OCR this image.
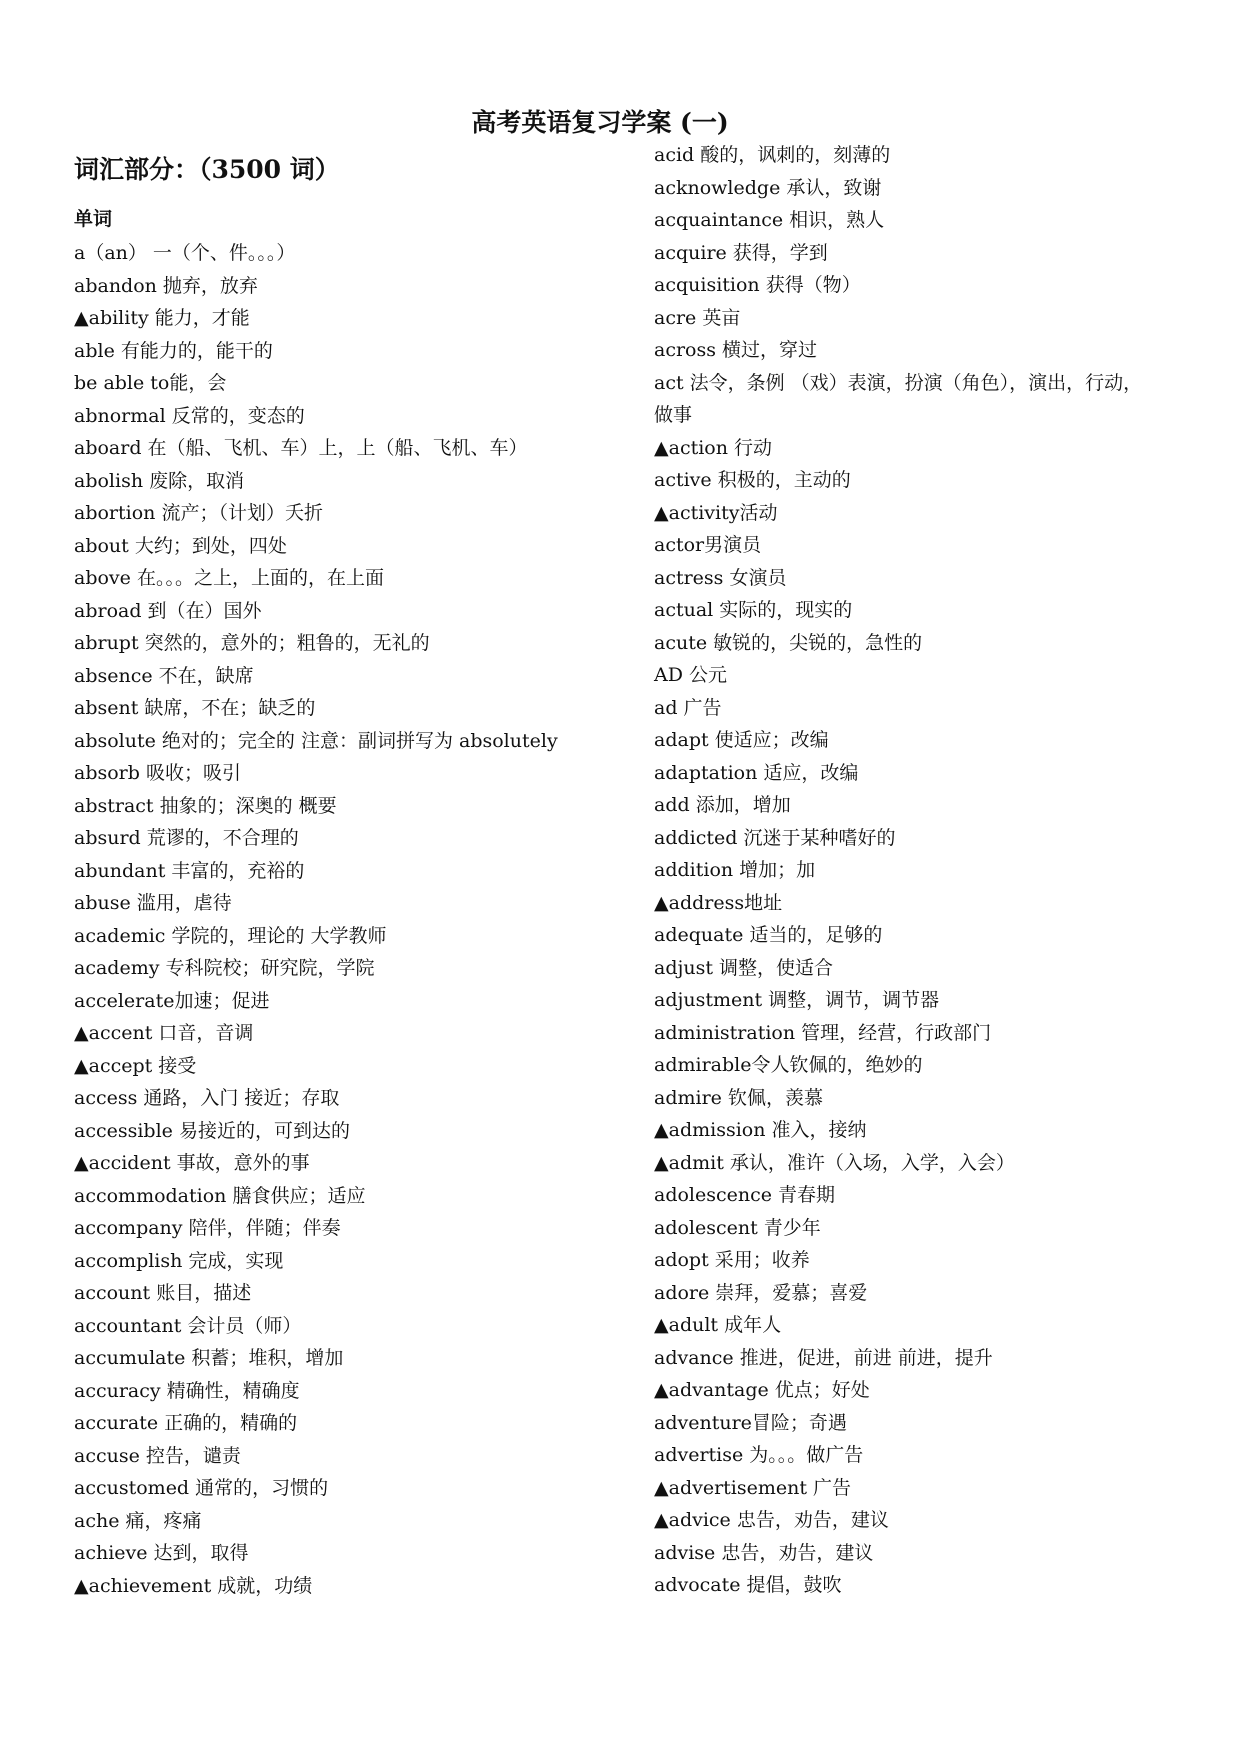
高考英语复习学案 (一)
词汇部分：（3500 词）
单词
a（an） 一（个、件。。。）
abandon 抛弃，放弃
▲ability 能力，才能
able 有能力的，能干的
be able to能，会
abnormal 反常的，变态的
aboard 在（船、飞机、车）上，上（船、飞机、车）
abolish 废除，取消
abortion 流产；（计划）夭折
about 大约；到处，四处
above 在。。。之上，上面的，在上面
abroad 到（在）国外
abrupt 突然的，意外的；粗鲁的，无礼的
absence 不在，缺席
absent 缺席，不在；缺乏的
absolute 绝对的；完全的 注意：副词拼写为 absolutely
absorb 吸收；吸引
abstract 抽象的；深奥的 概要
absurd 荒谬的，不合理的
abundant 丰富的，充裕的
abuse 滥用，虐待
academic 学院的，理论的 大学教师
academy 专科院校；研究院，学院
accelerate加速；促进
▲accent 口音，音调
▲accept 接受
access 通路，入门 接近；存取
accessible 易接近的，可到达的
▲accident 事故，意外的事
accommodation 膳食供应；适应
accompany 陪伴，伴随；伴奏
accomplish 完成，实现
account 账目，描述
accountant 会计员（师）
accumulate 积蓄；堆积，增加
accuracy 精确性，精确度
accurate 正确的，精确的
accuse 控告，谴责
accustomed 通常的，习惯的
ache 痛，疼痛
achieve 达到，取得
▲achievement 成就，功绩
acid 酸的，讽刺的，刻薄的
acknowledge 承认，致谢
acquaintance 相识，熟人
acquire 获得，学到
acquisition 获得（物）
acre 英亩
across 横过，穿过
act 法令，条例 （戏）表演，扮演（角色），演出，行动，
做事
▲action 行动
active 积极的，主动的
▲activity活动
actor男演员
actress 女演员
actual 实际的，现实的
acute 敏锐的，尖锐的，急性的
AD 公元
ad 广告
adapt 使适应；改编
adaptation 适应，改编
add 添加，增加
addicted 沉迷于某种嗜好的
addition 增加；加
▲address地址
adequate 适当的，足够的
adjust 调整，使适合
adjustment 调整，调节，调节器
administration 管理，经营，行政部门
admirable令人钦佩的，绝妙的
admire 钦佩，羡慕
▲admission 准入，接纳
▲admit 承认，准许（入场，入学，入会）
adolescence 青春期
adolescent 青少年
adopt 采用；收养
adore 崇拜，爱慕；喜爱
▲adult 成年人
advance 推进，促进，前进 前进，提升
▲advantage 优点；好处
adventure冒险；奇遇
advertise 为。。。做广告
▲advertisement 广告
▲advice 忠告，劝告，建议
advise 忠告，劝告，建议
advocate 提倡，鼓吹
